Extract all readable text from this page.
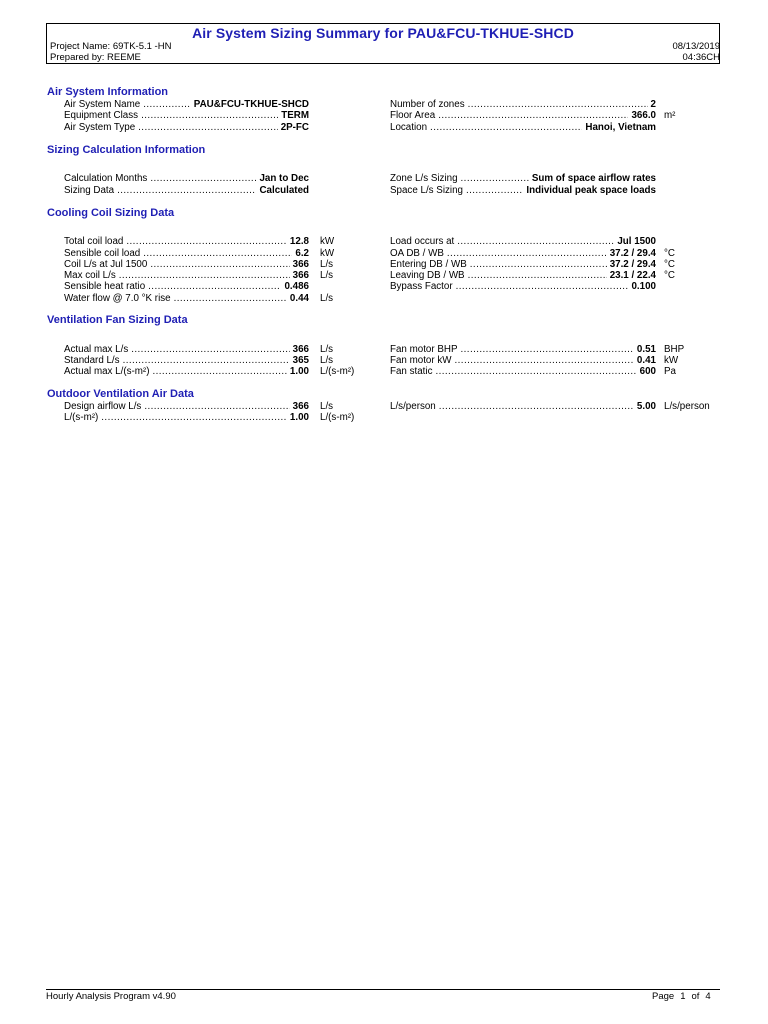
Air System Sizing Summary for PAU&FCU-TKHUE-SHCD
Project Name: 69TK-5.1 -HN
Prepared by: REEME
08/13/2019
04:36CH
Air System Information
Air System Name . . .	PAU&FCU-TKHUE-SHCD
Equipment Class . . .	TERM
Air System Type . . .	2P-FC
Number of zones . . .	2
Floor Area . . .	366.0 m²
Location . . .	Hanoi, Vietnam
Sizing Calculation Information
Calculation Months . . .	Jan to Dec
Sizing Data . . .	Calculated
Zone L/s Sizing . . .	Sum of space airflow rates
Space L/s Sizing . . .	Individual peak space loads
Cooling Coil Sizing Data
Total coil load . . .	12.8 kW
Sensible coil load . . .	6.2 kW
Coil L/s at Jul 1500 . . .	366 L/s
Max coil L/s . . .	366 L/s
Sensible heat ratio . . .	0.486
Water flow @ 7.0 °K rise . . .	0.44 L/s
Load occurs at . . .	Jul 1500
OA DB / WB . . .	37.2 / 29.4 °C
Entering DB / WB . . .	37.2 / 29.4 °C
Leaving DB / WB . . .	23.1 / 22.4 °C
Bypass Factor . . .	0.100
Ventilation Fan Sizing Data
Actual max L/s . . .	366 L/s
Standard L/s . . .	365 L/s
Actual max L/(s-m²) . . .	1.00 L/(s-m²)
Fan motor BHP . . .	0.51 BHP
Fan motor kW . . .	0.41 kW
Fan static . . .	600 Pa
Outdoor Ventilation Air Data
Design airflow L/s . . .	366 L/s
L/(s-m²) . . .	1.00 L/(s-m²)
L/s/person . . .	5.00 L/s/person
Hourly Analysis Program v4.90	Page 1 of 4
